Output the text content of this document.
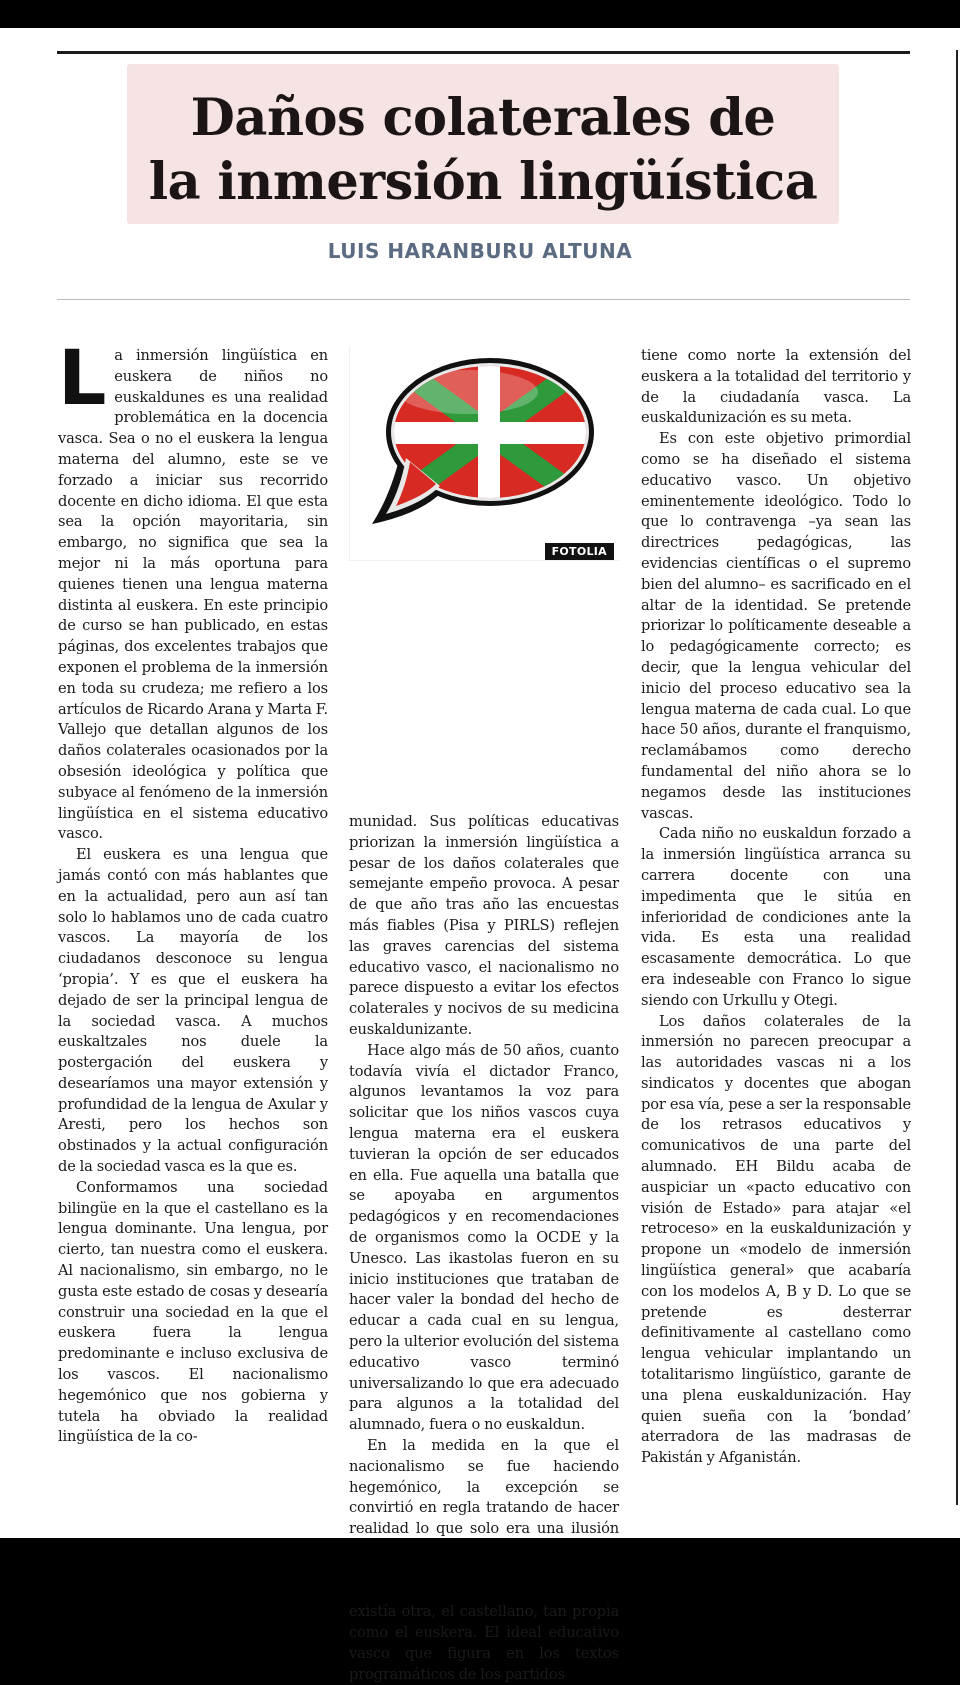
Daños colaterales de
la inmersión lingüística
LUIS HARANBURU ALTUNA

La inmersión lingüística en euskera de niños no euskaldunes es una realidad problemática en la docencia vasca. Sea o no el euskera la lengua materna del alumno, este se ve forzado a iniciar sus recorrido docente en dicho idioma. El que esta sea la opción mayoritaria, sin embargo, no significa que sea la mejor ni la más oportuna para quienes tienen una lengua materna distinta al euskera. En este principio de curso se han publicado, en estas páginas, dos excelentes trabajos que exponen el problema de la inmersión en toda su crudeza; me refiero a los artículos de Ricardo Arana y Marta F. Vallejo que detallan algunos de los daños colaterales ocasionados por la obsesión ideológica y política que subyace al fenómeno de la inmersión lingüística en el sistema educativo vasco.

El euskera es una lengua que jamás contó con más hablantes que en la actualidad, pero aun así tan solo lo hablamos uno de cada cuatro vascos. La mayoría de los ciudadanos desconoce su lengua ‘propia’. Y es que el euskera ha dejado de ser la principal lengua de la sociedad vasca. A muchos euskaltzales nos duele la postergación del euskera y desearíamos una mayor extensión y profundidad de la lengua de Axular y Aresti, pero los hechos son obstinados y la actual configuración de la sociedad vasca es la que es.

Conformamos una sociedad bilingüe en la que el castellano es la lengua dominante. Una lengua, por cierto, tan nuestra como el euskera. Al nacionalismo, sin embargo, no le gusta este estado de cosas y desearía construir una sociedad en la que el euskera fuera la lengua predominante e incluso exclusiva de los vascos. El nacionalismo hegemónico que nos gobierna y tutela ha obviado la realidad lingüística de la co-

FOTOLIA

munidad. Sus políticas educativas priorizan la inmersión lingüística a pesar de los daños colaterales que semejante empeño provoca. A pesar de que año tras año las encuestas más fiables (Pisa y PIRLS) reflejen las graves carencias del sistema educativo vasco, el nacionalismo no parece dispuesto a evitar los efectos colaterales y nocivos de su medicina euskaldunizante.

Hace algo más de 50 años, cuanto todavía vivía el dictador Franco, algunos levantamos la voz para solicitar que los niños vascos cuya lengua materna era el euskera tuvieran la opción de ser educados en ella. Fue aquella una batalla que se apoyaba en argumentos pedagógicos y en recomendaciones de organismos como la OCDE y la Unesco. Las ikastolas fueron en su inicio instituciones que trataban de hacer valer la bondad del hecho de educar a cada cual en su lengua, pero la ulterior evolución del sistema educativo vasco terminó universalizando lo que era adecuado para algunos a la totalidad del alumnado, fuera o no euskaldun.

En la medida en la que el nacionalismo se fue haciendo hegemónico, la excepción se convirtió en regla tratando de hacer realidad lo que solo era una ilusión existía otra, el castellano, tan propia como el euskera. El ideal educativo vasco que figura en los textos programáticos de los partidos

tiene como norte la extensión del euskera a la totalidad del territorio y de la ciudadanía vasca. La euskaldunización es su meta.

Es con este objetivo primordial como se ha diseñado el sistema educativo vasco. Un objetivo eminentemente ideológico. Todo lo que lo contravenga –ya sean las directrices pedagógicas, las evidencias científicas o el supremo bien del alumno– es sacrificado en el altar de la identidad. Se pretende priorizar lo políticamente deseable a lo pedagógicamente correcto; es decir, que la lengua vehicular del inicio del proceso educativo sea la lengua materna de cada cual. Lo que hace 50 años, durante el franquismo, reclamábamos como derecho fundamental del niño ahora se lo negamos desde las instituciones vascas.

Cada niño no euskaldun forzado a la inmersión lingüística arranca su carrera docente con una impedimenta que le sitúa en inferioridad de condiciones ante la vida. Es esta una realidad escasamente democrática. Lo que era indeseable con Franco lo sigue siendo con Urkullu y Otegi.

Los daños colaterales de la inmersión no parecen preocupar a las autoridades vascas ni a los sindicatos y docentes que abogan por esa vía, pese a ser la responsable de los retrasos educativos y comunicativos de una parte del alumnado. EH Bildu acaba de auspiciar un «pacto educativo con visión de Estado» para atajar «el retroceso» en la euskaldunización y propone un «modelo de inmersión lingüística general» que acabaría con los modelos A, B y D. Lo que se pretende es desterrar definitivamente al castellano como lengua vehicular implantando un totalitarismo lingüístico, garante de una plena euskaldunización. Hay quien sueña con la ‘bondad’ aterradora de las madrasas de Pakistán y Afganistán.
